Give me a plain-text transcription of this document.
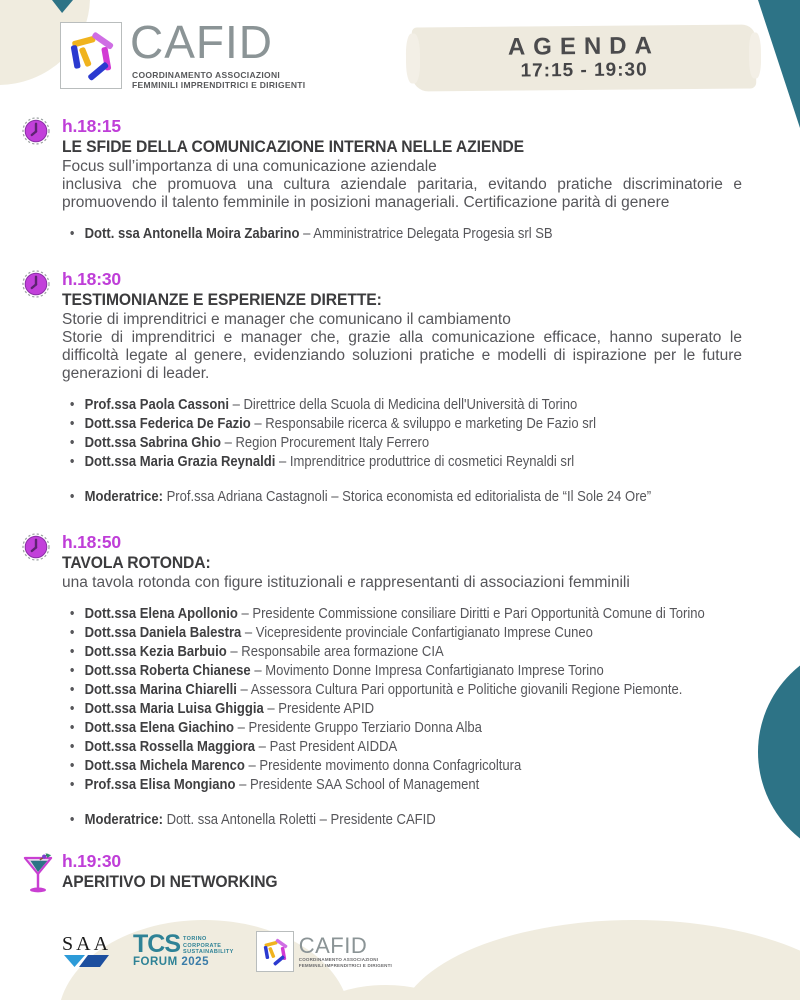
CAFID
COORDINAMENTO ASSOCIAZIONI
FEMMINILI IMPRENDITRICI E DIRIGENTI
AGENDA
17:15 - 19:30
h.18:15
LE SFIDE DELLA COMUNICAZIONE INTERNA NELLE AZIENDE
Focus sull’importanza di una comunicazione aziendale
inclusiva che promuova una cultura aziendale paritaria, evitando pratiche discriminatorie e promuovendo il talento femminile in posizioni manageriali. Certificazione parità di genere
• Dott. ssa Antonella Moira Zabarino – Amministratrice Delegata Progesia srl SB
h.18:30
TESTIMONIANZE E ESPERIENZE DIRETTE:
Storie di imprenditrici e manager che comunicano il cambiamento
Storie di imprenditrici e manager che, grazie alla comunicazione efficace, hanno superato le difficoltà legate al genere, evidenziando soluzioni pratiche e modelli di ispirazione per le future generazioni di leader.
• Prof.ssa Paola Cassoni – Direttrice della Scuola di Medicina dell'Università di Torino
• Dott.ssa Federica De Fazio – Responsabile ricerca & sviluppo e marketing De Fazio srl
• Dott.ssa Sabrina Ghio – Region Procurement Italy Ferrero
• Dott.ssa Maria Grazia Reynaldi – Imprenditrice produttrice di cosmetici Reynaldi srl
• Moderatrice: Prof.ssa Adriana Castagnoli – Storica economista ed editorialista de “Il Sole 24 Ore”
h.18:50
TAVOLA ROTONDA:
una tavola rotonda con figure istituzionali e rappresentanti di associazioni femminili
• Dott.ssa Elena Apollonio – Presidente Commissione consiliare Diritti e Pari Opportunità Comune di Torino
• Dott.ssa Daniela Balestra – Vicepresidente provinciale Confartigianato Imprese Cuneo
• Dott.ssa Kezia Barbuio – Responsabile area formazione CIA
• Dott.ssa Roberta Chianese – Movimento Donne Impresa Confartigianato Imprese Torino
• Dott.ssa Marina Chiarelli – Assessora Cultura Pari opportunità e Politiche giovanili Regione Piemonte.
• Dott.ssa Maria Luisa Ghiggia – Presidente APID
• Dott.ssa Elena Giachino – Presidente Gruppo Terziario Donna Alba
• Dott.ssa Rossella Maggiora – Past President AIDDA
• Dott.ssa Michela Marenco – Presidente movimento donna Confagricoltura
• Prof.ssa Elisa Mongiano – Presidente SAA School of Management
• Moderatrice: Dott. ssa Antonella Roletti – Presidente CAFID
h.19:30
APERITIVO DI NETWORKING
SAA TCS TORINO
CORPORATE
SUSTAINABILITY
FORUM 2025
CAFID
COORDINAMENTO ASSOCIAZIONI
FEMMINILI IMPRENDITRICI E DIRIGENTI
